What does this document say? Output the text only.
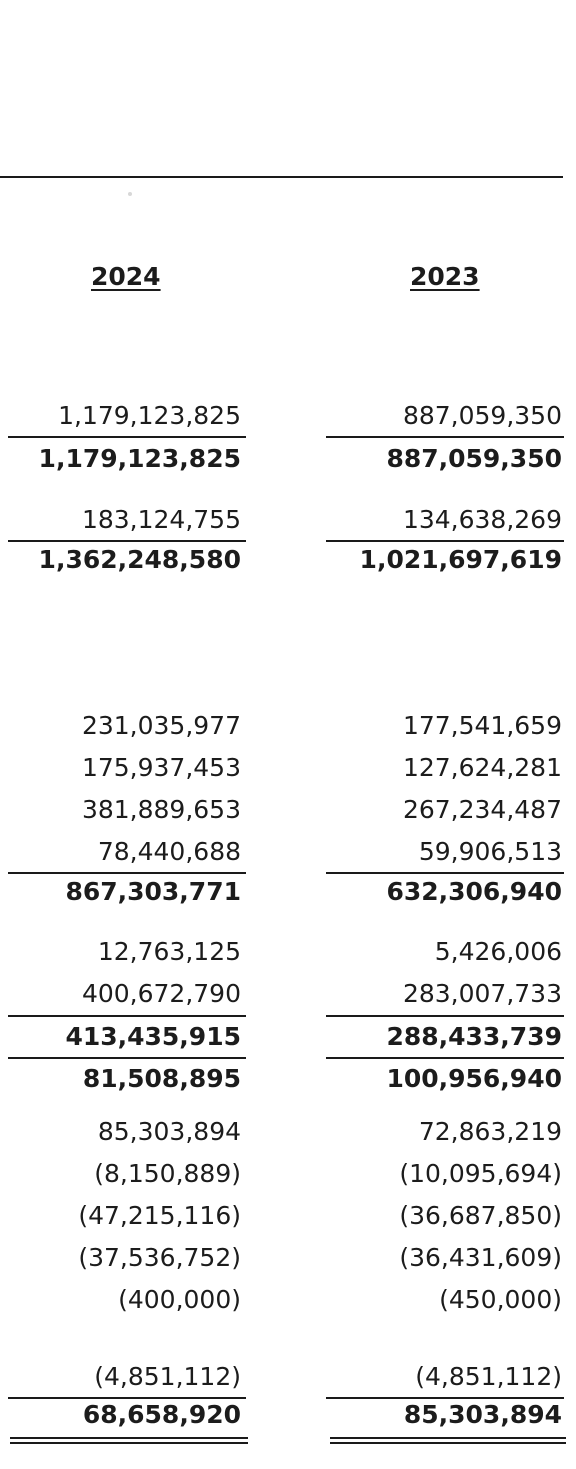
2024	2023
1,179,123,825	887,059,350
1,179,123,825	887,059,350
183,124,755	134,638,269
1,362,248,580	1,021,697,619
231,035,977	177,541,659
175,937,453	127,624,281
381,889,653	267,234,487
78,440,688	59,906,513
867,303,771	632,306,940
12,763,125	5,426,006
400,672,790	283,007,733
413,435,915	288,433,739
81,508,895	100,956,940
85,303,894	72,863,219
(8,150,889)	(10,095,694)
(47,215,116)	(36,687,850)
(37,536,752)	(36,431,609)
(400,000)	(450,000)
(4,851,112)	(4,851,112)
68,658,920	85,303,894
